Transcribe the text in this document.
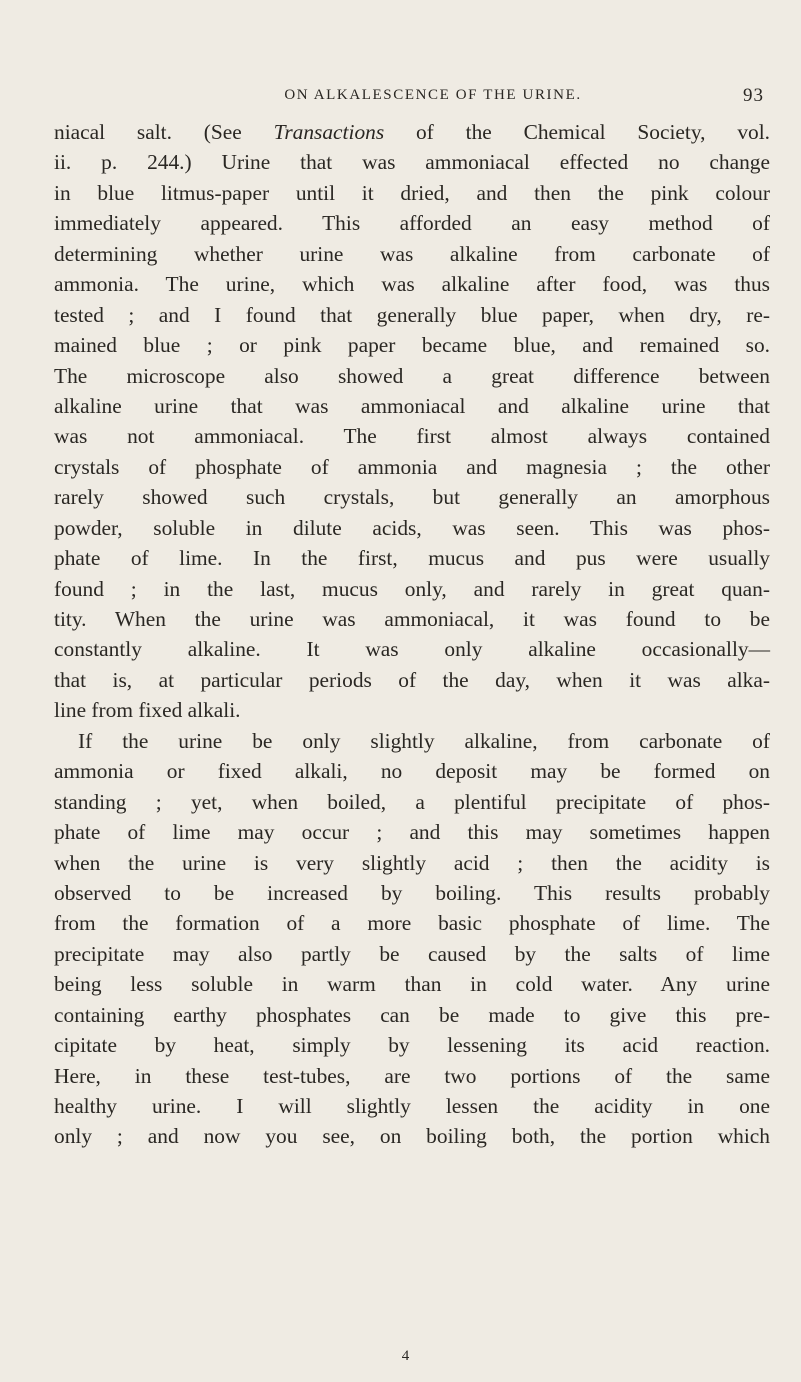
ON ALKALESCENCE OF THE URINE.	93
niacal salt. (See Transactions of the Chemical Society, vol.
ii. p. 244.) Urine that was ammoniacal effected no change
in blue litmus-paper until it dried, and then the pink colour
immediately appeared. This afforded an easy method of
determining whether urine was alkaline from carbonate of
ammonia. The urine, which was alkaline after food, was thus
tested ; and I found that generally blue paper, when dry, re-
mained blue ; or pink paper became blue, and remained so.
The microscope also showed a great difference between
alkaline urine that was ammoniacal and alkaline urine that
was not ammoniacal. The first almost always contained
crystals of phosphate of ammonia and magnesia ; the other
rarely showed such crystals, but generally an amorphous
powder, soluble in dilute acids, was seen. This was phos-
phate of lime. In the first, mucus and pus were usually
found ; in the last, mucus only, and rarely in great quan-
tity. When the urine was ammoniacal, it was found to be
constantly alkaline. It was only alkaline occasionally—
that is, at particular periods of the day, when it was alka-
line from fixed alkali.
If the urine be only slightly alkaline, from carbonate of
ammonia or fixed alkali, no deposit may be formed on
standing ; yet, when boiled, a plentiful precipitate of phos-
phate of lime may occur ; and this may sometimes happen
when the urine is very slightly acid ; then the acidity is
observed to be increased by boiling. This results probably
from the formation of a more basic phosphate of lime. The
precipitate may also partly be caused by the salts of lime
being less soluble in warm than in cold water. Any urine
containing earthy phosphates can be made to give this pre-
cipitate by heat, simply by lessening its acid reaction.
Here, in these test-tubes, are two portions of the same
healthy urine. I will slightly lessen the acidity in one
only ; and now you see, on boiling both, the portion which
4
